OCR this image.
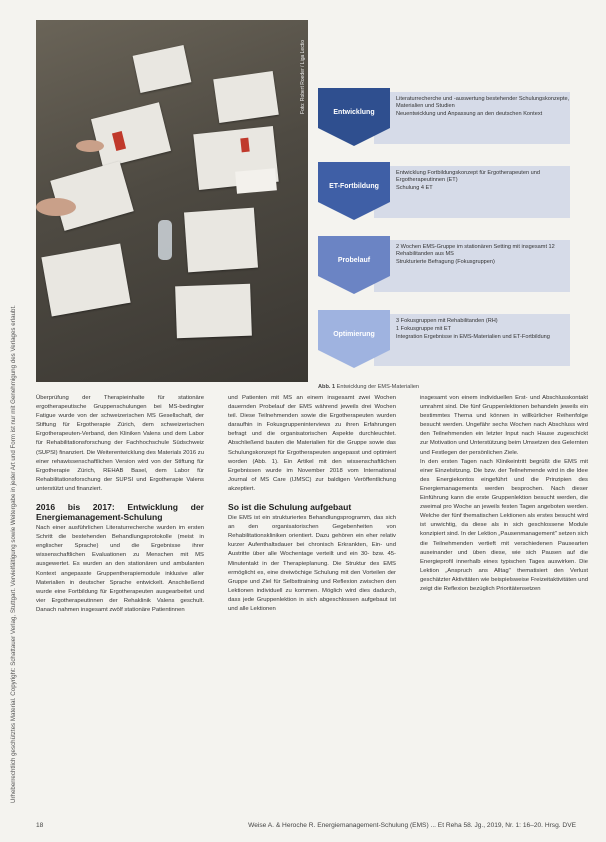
Urheberrechtlich geschütztes Material. Copyright: Schattauer Verlag, Stuttgart. Vervielfältigung sowie Weitergabe in jeder Art und Form ist nur mit Genehmigung des Verlages erlaubt.
Foto: Robert Roeder / Liga Lectio
•	Literaturrecherche und -auswertung bestehender Schulungskonzepte, Materialien und Studien
• Neuentwicklung und Anpassung an den deutschen Kontext
Entwicklung
• Entwicklung Fortbildungskonzept für Ergotherapeuten und Ergotherapeutinnen (ET)
• Schulung 4 ET
ET-Fortbildung
• 2 Wochen EMS-Gruppe im stationären Setting mit insgesamt 12 Rehabilitanden aus MS
• Strukturierte Befragung (Fokusgruppen)
Probelauf
• 3 Fokusgruppen mit Rehabilitanden (RH)
• 1 Fokusgruppe mit ET
• Integration Ergebnisse in EMS-Materialien und ET-Fortbildung
Optimierung
Abb. 1 Entwicklung der EMS-Materialien

Überprüfung der Therapieinhalte für stationäre ergotherapeutische Gruppenschulungen bei MS-bedingter Fatigue wurde von der schweizerischen MS Gesellschaft, der Stiftung für Ergotherapie Zürich, dem schweizerischen Ergotherapeuten-Verband, den Kliniken Valens und dem Labor für Rehabilitationsforschung der Fachhochschule Südschweiz (SUPSI) finanziert. Die Weiterentwicklung des Materials 2016 zu einer rehawissenschaftlichen Version wird von der Stiftung für Ergotherapie Zürich, REHAB Basel, dem Labor für Rehabilitationsforschung der SUPSI und Ergotherapie Valens unterstützt und finanziert.

2016 bis 2017: Entwicklung der Energiemanagement-Schulung

Nach einer ausführlichen Literaturrecherche wurden im ersten Schritt die bestehenden Behandlungsprotokolle (meist in englischer Sprache) und die Ergebnisse ihrer wissenschaftlichen Evaluationen zu Menschen mit MS ausgewertet. Es wurden an den stationären und ambulanten Kontext angepasste Gruppentherapiemodule inklusive aller Materialien in deutscher Sprache entwickelt. Anschließend wurde eine Fortbildung für Ergotherapeuten ausgearbeitet und vier Ergotherapeutinnen der Rehaklinik Valens geschult. Danach nahmen insgesamt zwölf stationäre Patientinnen

und Patienten mit MS an einem insgesamt zwei Wochen dauernden Probelauf der EMS während jeweils drei Wochen teil. Diese Teilnehmenden sowie die Ergotherapeuten wurden daraufhin in Fokusgruppeninterviews zu ihren Erfahrungen befragt und die organisatorischen Aspekte durchleuchtet. Abschließend bauten die Materialien für die Gruppe sowie das Schulungskonzept für Ergotherapeuten angepasst und optimiert worden (Abb. 1). Ein Artikel mit den wissenschaftlichen Ergebnissen wurde im November 2018 vom International Journal of MS Care (IJMSC) zur baldigen Veröffentlichung akzeptiert.

So ist die Schulung aufgebaut

Die EMS ist ein strukturiertes Behandlungsprogramm, das sich an den organisatorischen Gegebenheiten von Rehabilitationskliniken orientiert. Dazu gehören ein eher relativ kurzer Aufenthaltsdauer bei chronisch Erkrankten, Ein- und Austritte über alle Wochentage verteilt und ein 30- bzw. 45-Minutentakt in der Therapieplanung. Die Struktur des EMS ermöglicht es, eine dreiwöchige Schulung mit den Vorteilen der Gruppe und Ziel für Selbsttraining und Reflexion zwischen den Lektionen individuell zu kommen. Möglich wird dies dadurch, dass jede Gruppenlektion in sich abgeschlossen aufgebaut ist und alle Lektionen

insgesamt von einem individuellen Erst- und Abschlusskontakt umrahmt sind. Die fünf Gruppenlektionen behandeln jeweils ein bestimmtes Thema und können in willkürlicher Reihenfolge besucht werden. Ungefähr sechs Wochen nach Abschluss wird den Teilnehmenden ein letzter Input nach Hause zugeschickt zur Motivation und Unterstützung beim Umsetzen des Gelernten und Festlegen der persönlichen Ziele.

In den ersten Tagen nach Klinikeintritt begrüßt die EMS mit einer Einzelsitzung. Die bzw. der Teilnehmende wird in die Idee des Energiekontos eingeführt und die Prinzipien des Energiemanagements werden besprochen. Nach dieser Einführung kann die erste Gruppenlektion besucht werden, die zweimal pro Woche an jeweils festen Tagen angeboten werden. Welche der fünf thematischen Lektionen als erstes besucht wird ist unwichtig, da diese als in sich geschlossene Module konzipiert sind. In der Lektion „Pausenmanagement" setzen sich die Teilnehmenden vertieft mit verschiedenen Pausearten auseinander und üben diese, wie sich Pausen auf die Energieprofil innerhalb eines typischen Tages auswirken. Die Lektion „Anspruch ans Alltag" thematisiert den Verlust geschätzter Aktivitäten wie beispielsweise Freizeitaktivitäten und zeigt die Reflexion bezüglich Prioritätensetzen

18	Weise A. & Heroche R. Energiemanagement-Schulung (EMS) ... Et Reha 58. Jg., 2019, Nr. 1: 16–20. Hrsg. DVE
